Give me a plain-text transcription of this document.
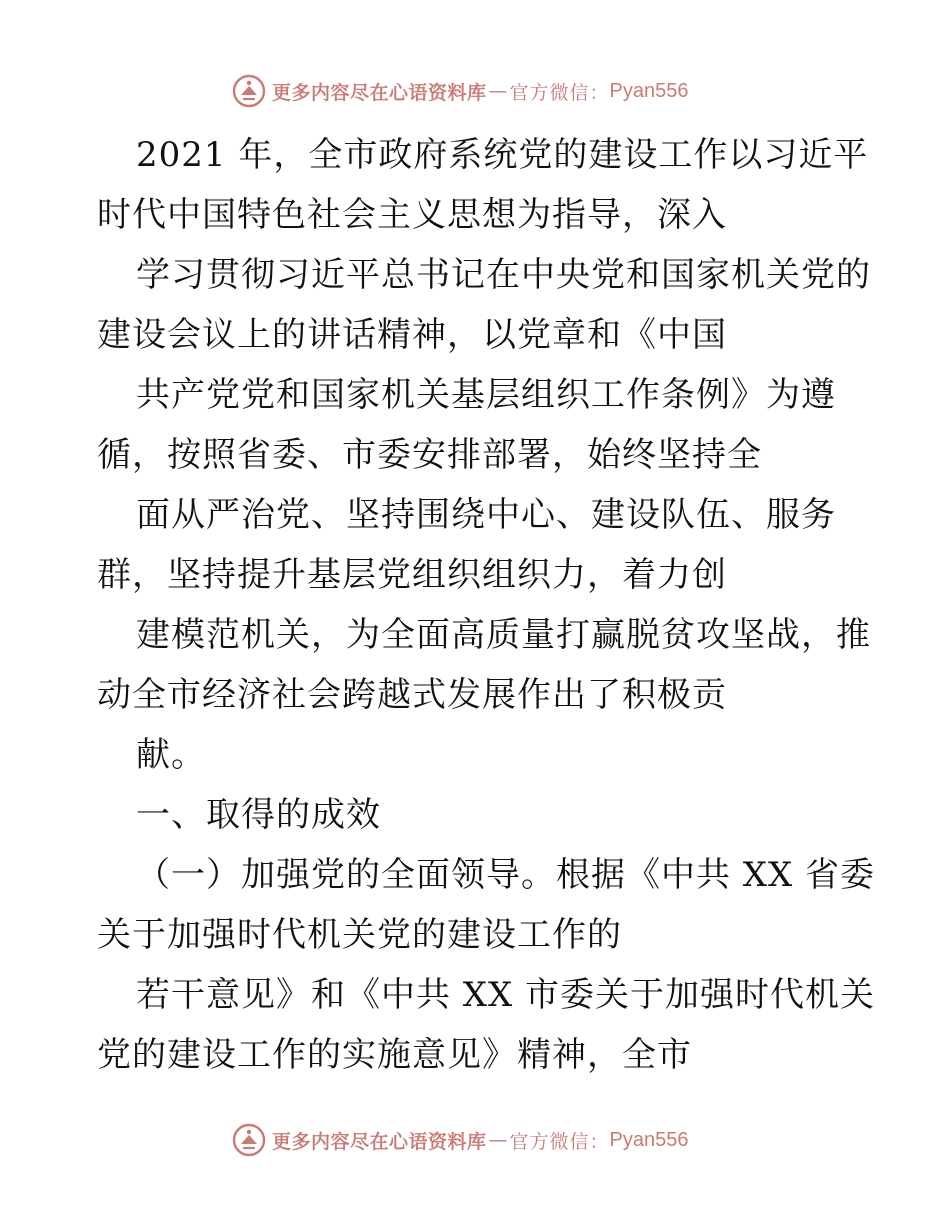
更多内容尽在心语资料库 — 官方微信： Pyan556
2021 年，全市政府系统党的建设工作以习近平
时代中国特色社会主义思想为指导，深入
学习贯彻习近平总书记在中央党和国家机关党的
建设会议上的讲话精神，以党章和《中国
共产党党和国家机关基层组织工作条例》为遵
循，按照省委、市委安排部署，始终坚持全
面从严治党、坚持围绕中心、建设队伍、服务
群，坚持提升基层党组织组织力，着力创
建模范机关，为全面高质量打赢脱贫攻坚战，推
动全市经济社会跨越式发展作出了积极贡
献。
一、取得的成效
（一）加强党的全面领导。根据《中共 XX 省委
关于加强时代机关党的建设工作的
若干意见》和《中共 XX 市委关于加强时代机关
党的建设工作的实施意见》精神，全市
更多内容尽在心语资料库 — 官方微信： Pyan556
